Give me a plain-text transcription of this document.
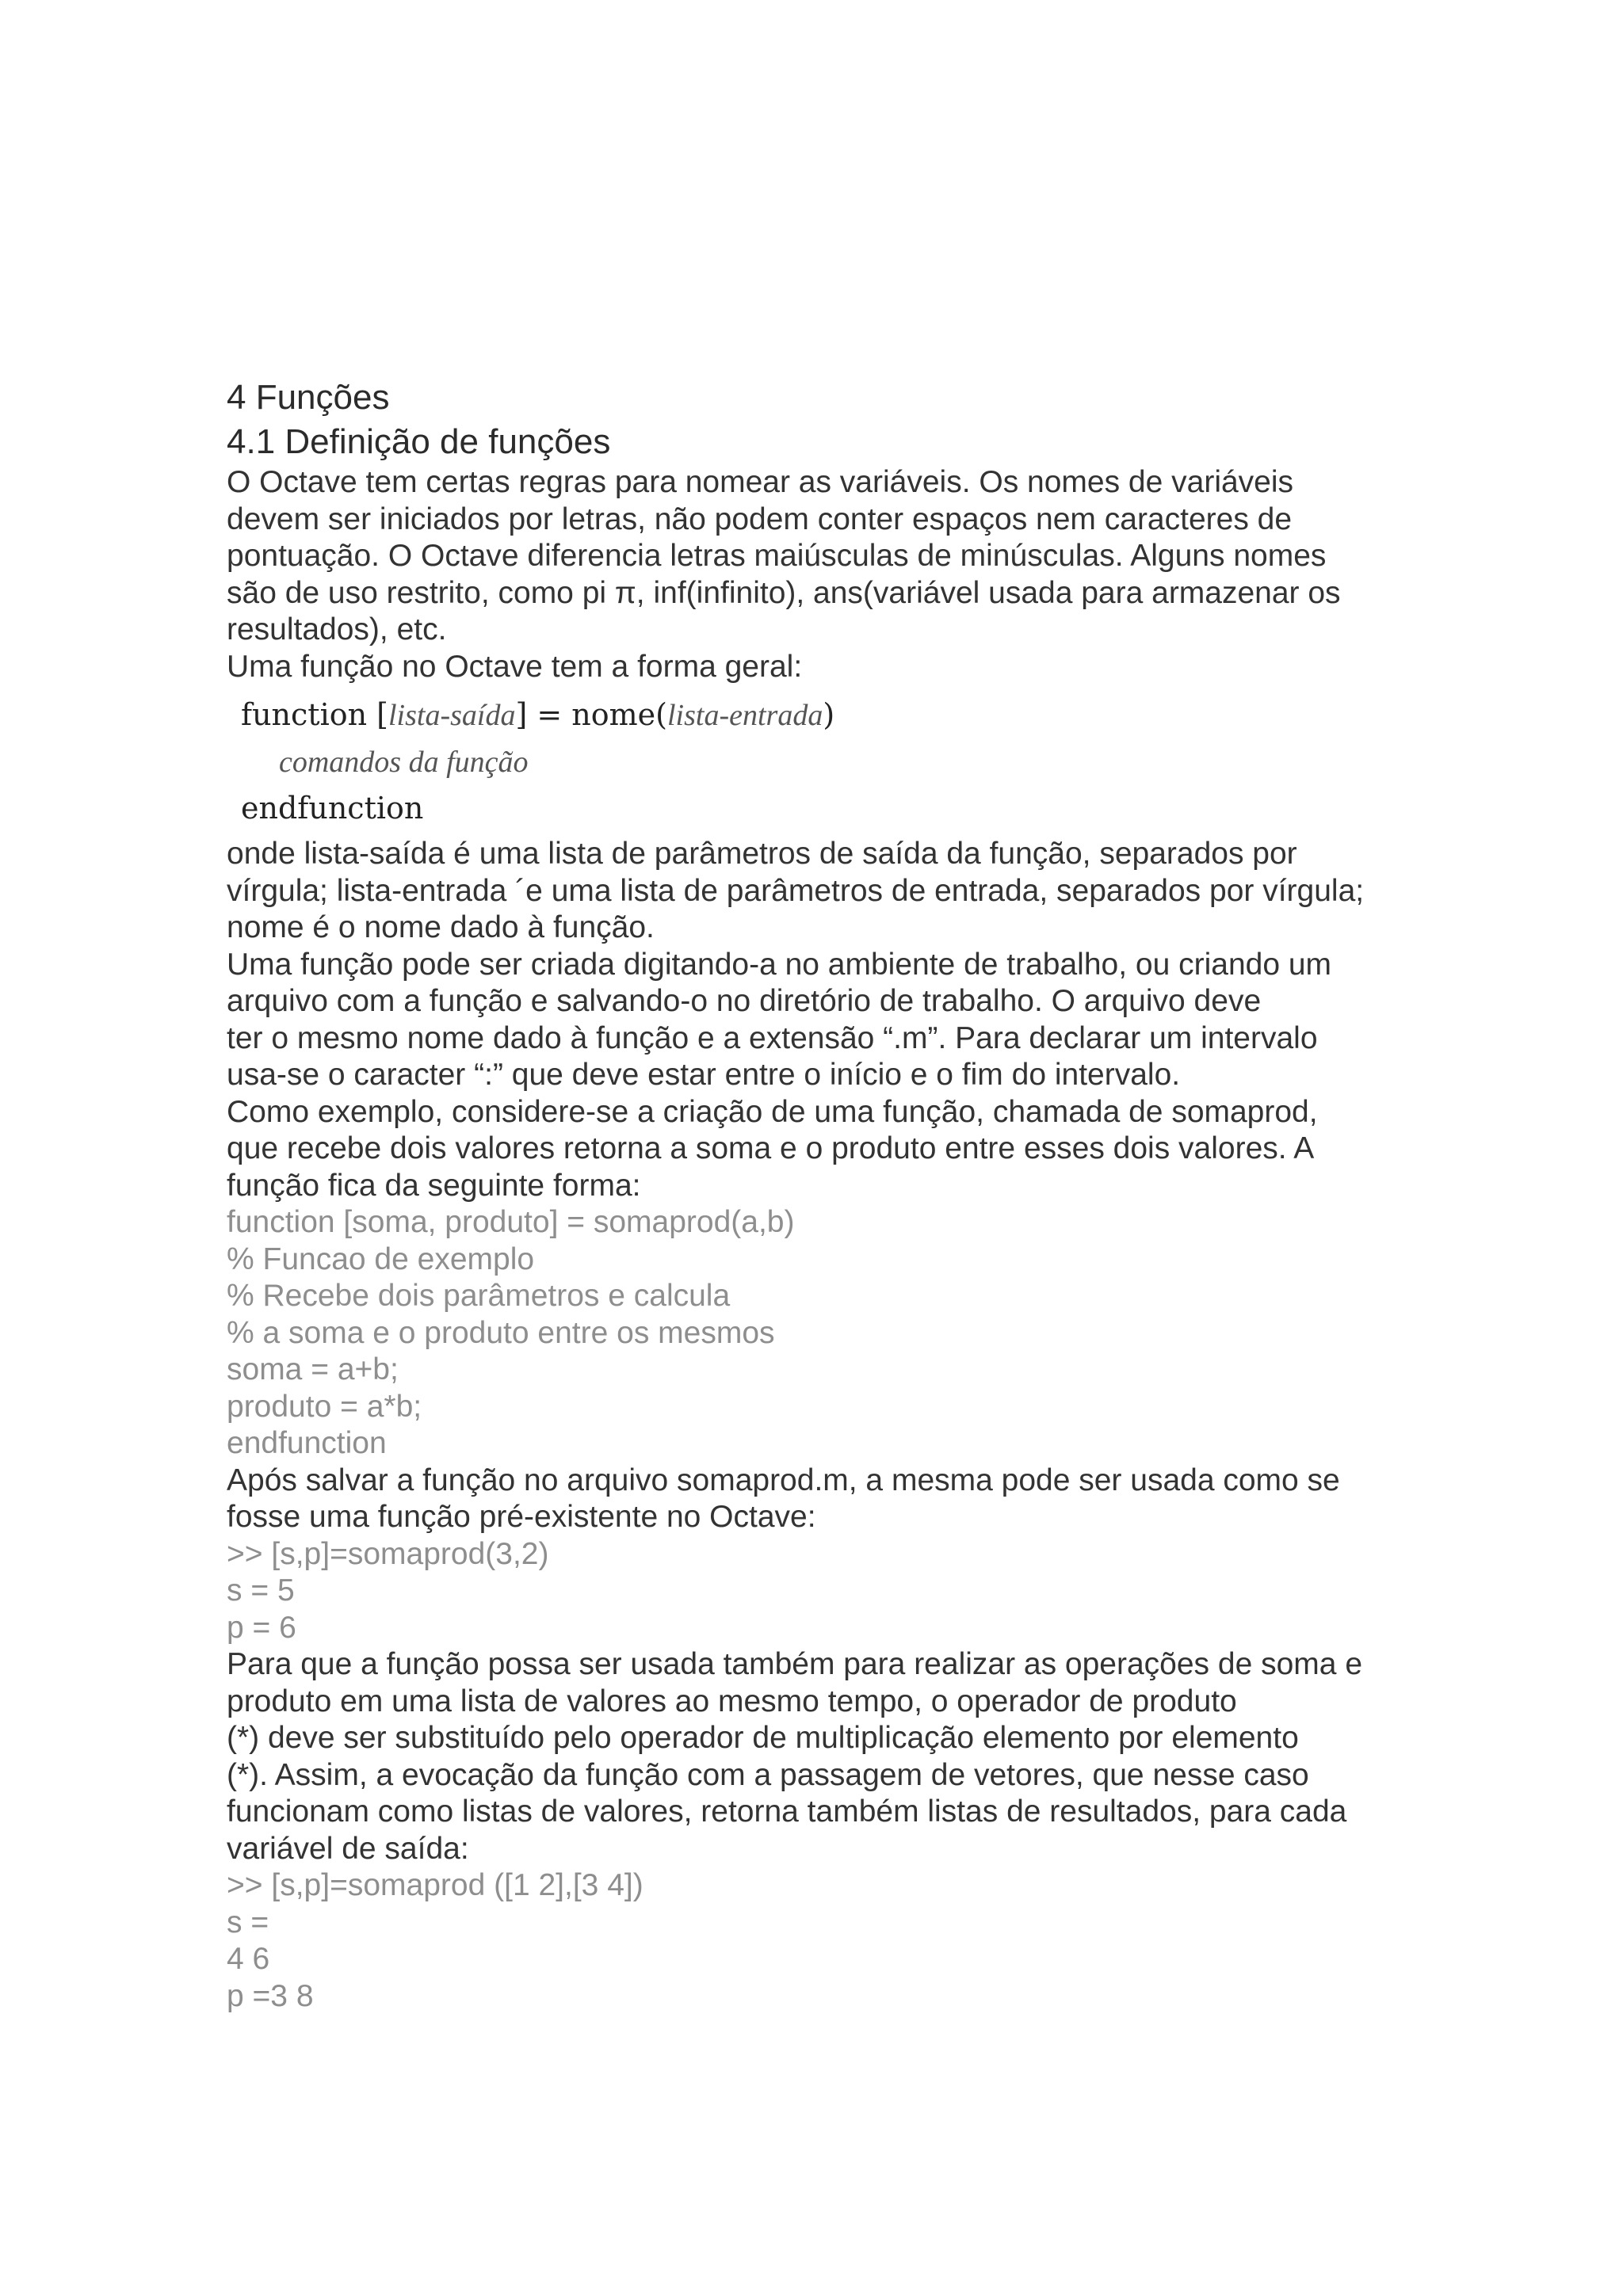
4 Funções
4.1 Definição de funções
O Octave tem certas regras para nomear as variáveis. Os nomes de variáveis
devem ser iniciados por letras, não podem conter espaços nem caracteres de
pontuação. O Octave diferencia letras maiúsculas de minúsculas. Alguns nomes
são de uso restrito, como pi π, inf(infinito), ans(variável usada para armazenar os
resultados), etc.
Uma função no Octave tem a forma geral:
function [lista-saída] = nome(lista-entrada)
comandos da função
endfunction
onde lista-saída é uma lista de parâmetros de saída da função, separados por
vírgula; lista-entrada ´e uma lista de parâmetros de entrada, separados por vírgula;
nome é o nome dado à função.
Uma função pode ser criada digitando-a no ambiente de trabalho, ou criando um
arquivo com a função e salvando-o no diretório de trabalho. O arquivo deve
ter o mesmo nome dado à função e a extensão “.m”. Para declarar um intervalo
usa-se o caracter “:” que deve estar entre o início e o fim do intervalo.
Como exemplo, considere-se a criação de uma função, chamada de somaprod,
que recebe dois valores retorna a soma e o produto entre esses dois valores. A
função fica da seguinte forma:
function [soma, produto] = somaprod(a,b)
% Funcao de exemplo
% Recebe dois parâmetros e calcula
% a soma e o produto entre os mesmos
soma = a+b;
produto = a*b;
endfunction
Após salvar a função no arquivo somaprod.m, a mesma pode ser usada como se
fosse uma função pré-existente no Octave:
>> [s,p]=somaprod(3,2)
s = 5
p = 6
Para que a função possa ser usada também para realizar as operações de soma e
produto em uma lista de valores ao mesmo tempo, o operador de produto
(*) deve ser substituído pelo operador de multiplicação elemento por elemento
(*). Assim, a evocação da função com a passagem de vetores, que nesse caso
funcionam como listas de valores, retorna também listas de resultados, para cada
variável de saída:
>> [s,p]=somaprod ([1 2],[3 4])
s =
4 6
p =3 8
